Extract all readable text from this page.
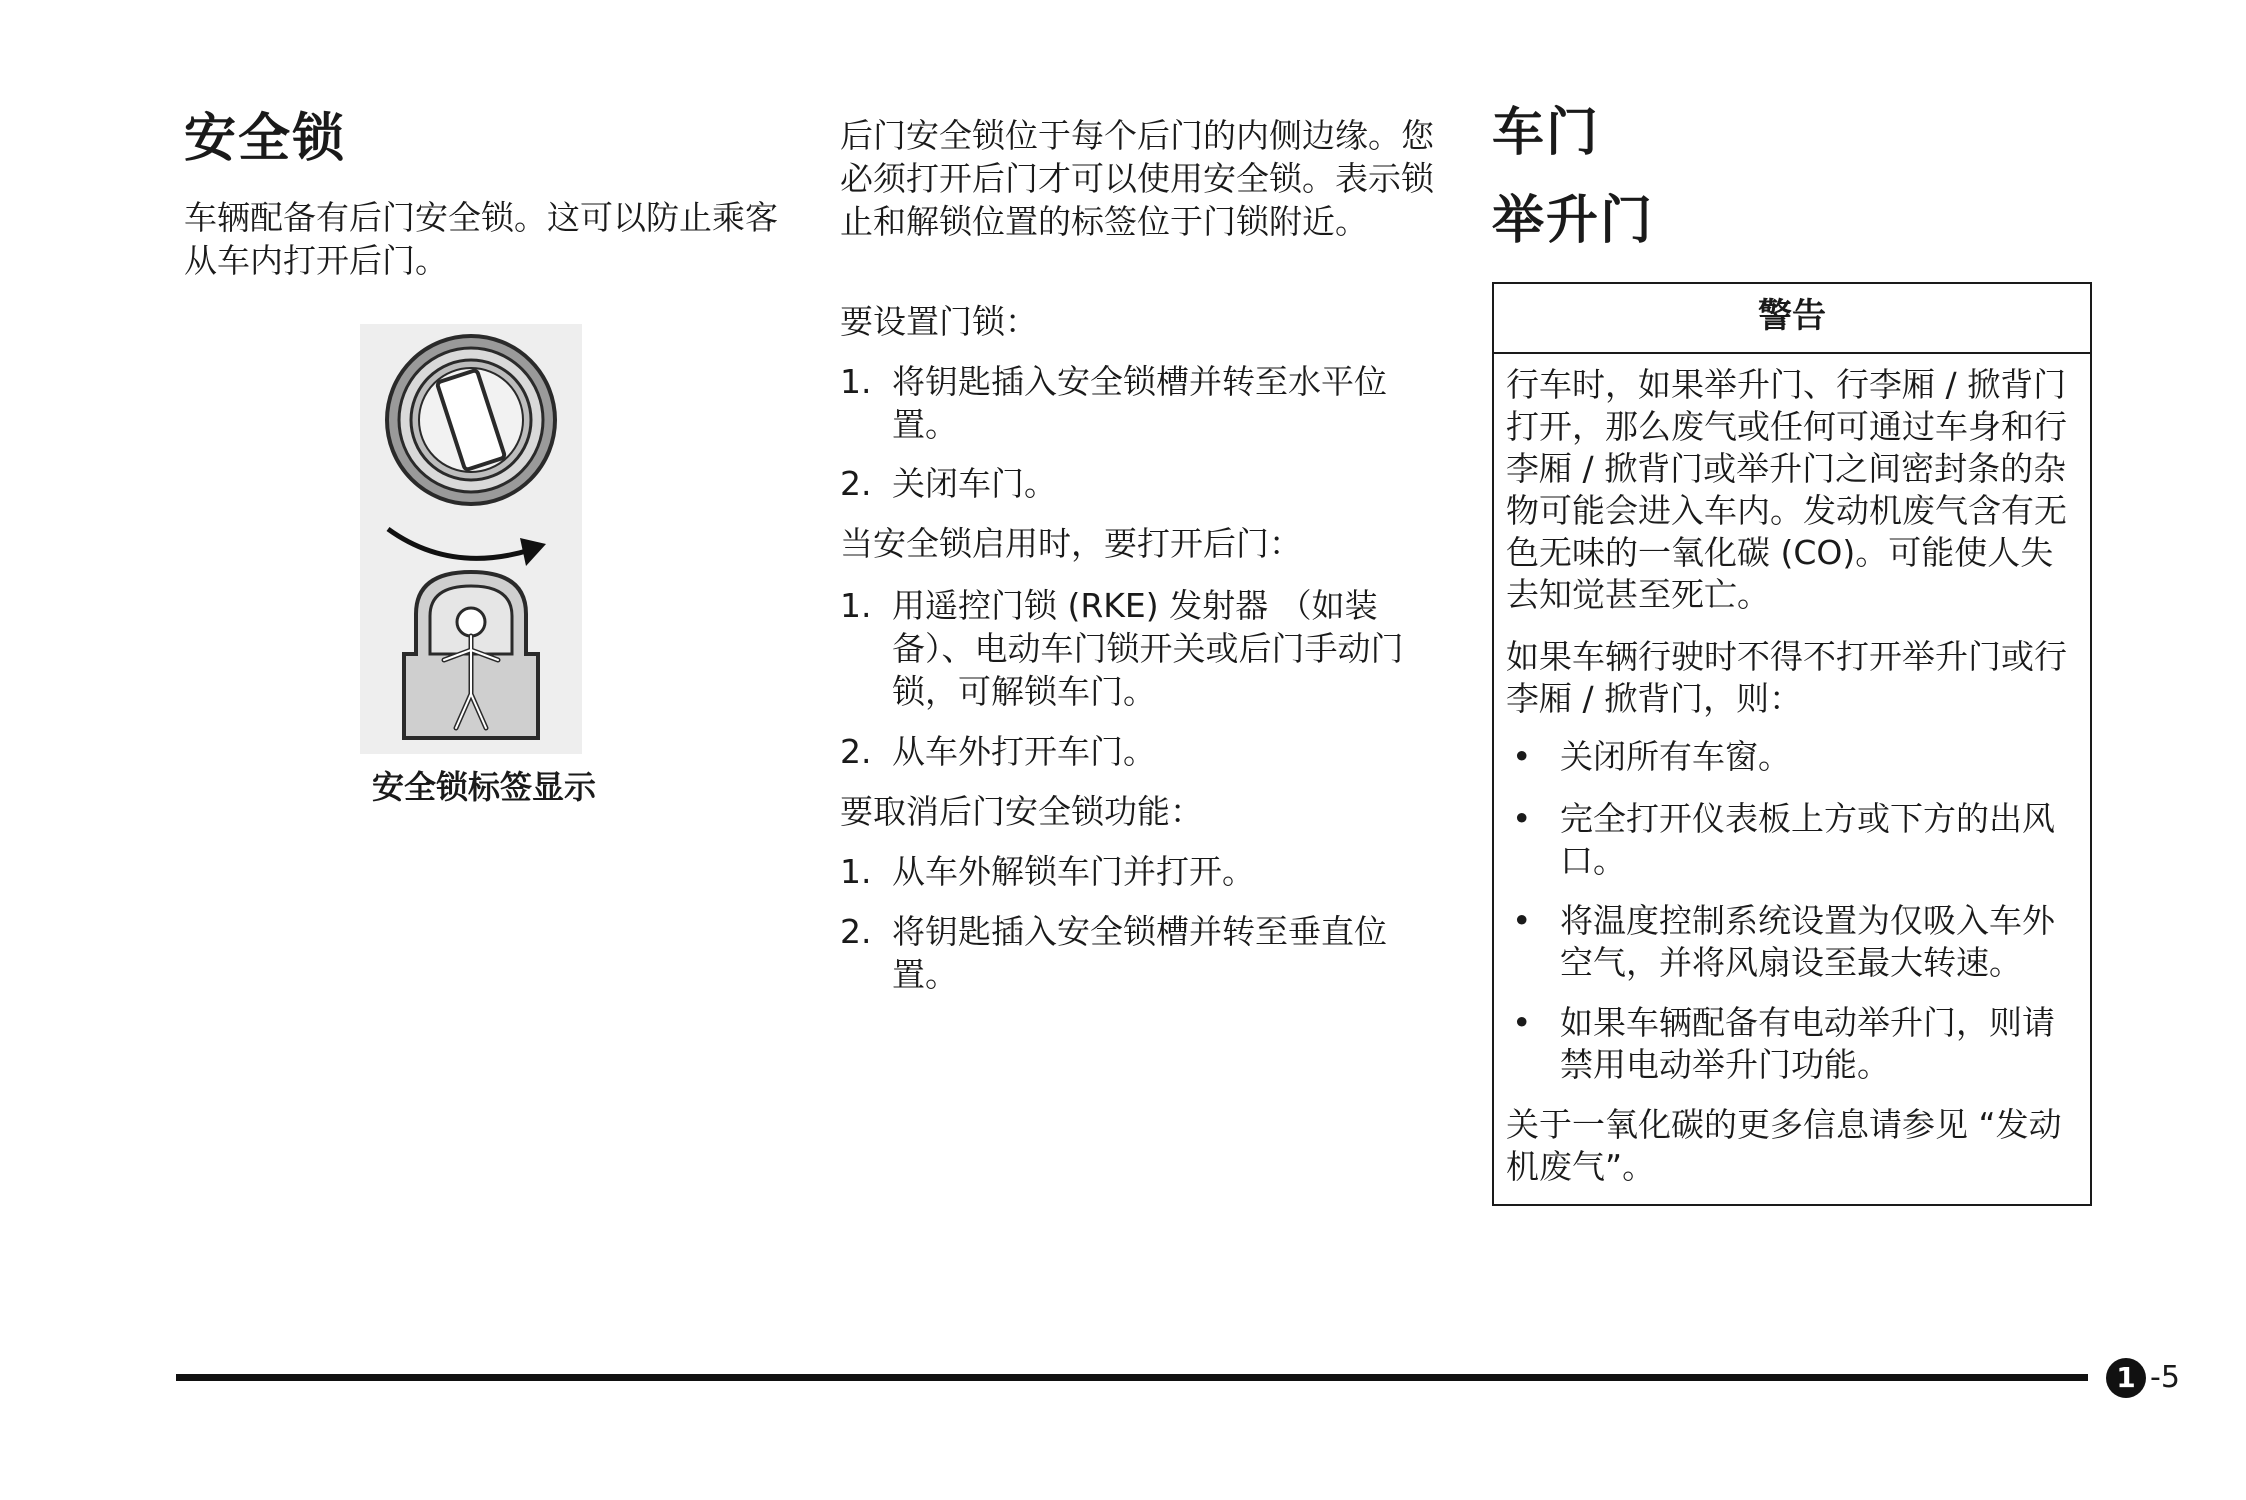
安全锁

车辆配备有后门安全锁。这可以防止乘客从车内打开后门。

安全锁标签显示

后门安全锁位于每个后门的内侧边缘。您必须打开后门才可以使用安全锁。表示锁止和解锁位置的标签位于门锁附近。

要设置门锁：

1. 将钥匙插入安全锁槽并转至水平位置。
2. 关闭车门。

当安全锁启用时，要打开后门：

1. 用遥控门锁 (RKE) 发射器 （如装备）、电动车门锁开关或后门手动门锁，可解锁车门。
2. 从车外打开车门。

要取消后门安全锁功能：

1. 从车外解锁车门并打开。
2. 将钥匙插入安全锁槽并转至垂直位置。
车门
举升门
警告

行车时，如果举升门、行李厢 / 掀背门打开，那么废气或任何可通过车身和行李厢 / 掀背门或举升门之间密封条的杂物可能会进入车内。发动机废气含有无色无味的一氧化碳 (CO)。可能使人失去知觉甚至死亡。

如果车辆行驶时不得不打开举升门或行李厢 / 掀背门，则：

• 关闭所有车窗。
• 完全打开仪表板上方或下方的出风口。
• 将温度控制系统设置为仅吸入车外空气，并将风扇设至最大转速。
• 如果车辆配备有电动举升门，则请禁用电动举升门功能。

关于一氧化碳的更多信息请参见 “发动机废气”。

1 -5
